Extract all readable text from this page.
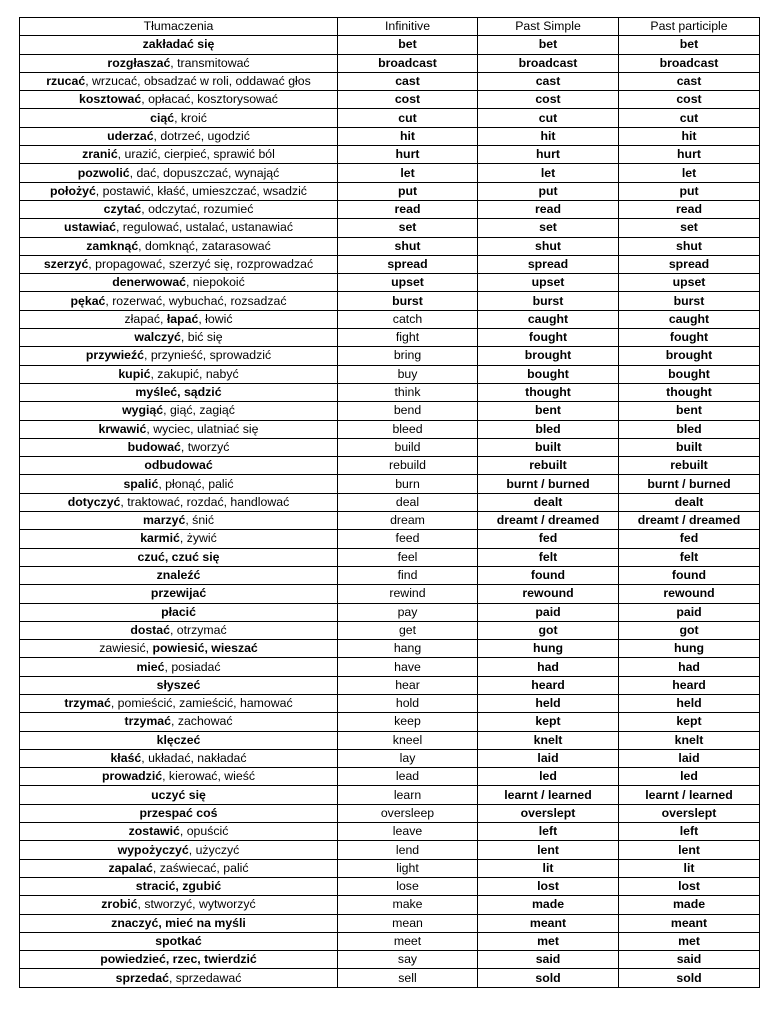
Tłumaczenia	Infinitive	Past Simple	Past participle
zakładać się	bet	bet	bet
rozgłaszać, transmitować	broadcast	broadcast	broadcast
rzucać, wrzucać, obsadzać w roli, oddawać głos	cast	cast	cast
kosztować, opłacać, kosztorysować	cost	cost	cost
ciąć, kroić	cut	cut	cut
uderzać, dotrzeć, ugodzić	hit	hit	hit
zranić, urazić, cierpieć, sprawić ból	hurt	hurt	hurt
pozwolić, dać, dopuszczać, wynająć	let	let	let
położyć, postawić, kłaść, umieszczać, wsadzić	put	put	put
czytać, odczytać, rozumieć	read	read	read
ustawiać, regulować, ustalać, ustanawiać	set	set	set
zamknąć, domknąć, zatarasować	shut	shut	shut
szerzyć, propagować, szerzyć się, rozprowadzać	spread	spread	spread
denerwować, niepokoić	upset	upset	upset
pękać, rozerwać, wybuchać, rozsadzać	burst	burst	burst
złapać, łapać, łowić	catch	caught	caught
walczyć, bić się	fight	fought	fought
przywieźć, przynieść, sprowadzić	bring	brought	brought
kupić, zakupić, nabyć	buy	bought	bought
myśleć, sądzić	think	thought	thought
wygiąć, giąć, zagiąć	bend	bent	bent
krwawić, wyciec, ulatniać się	bleed	bled	bled
budować, tworzyć	build	built	built
odbudować	rebuild	rebuilt	rebuilt
spalić, płonąć, palić	burn	burnt / burned	burnt / burned
dotyczyć, traktować, rozdać, handlować	deal	dealt	dealt
marzyć, śnić	dream	dreamt / dreamed	dreamt / dreamed
karmić, żywić	feed	fed	fed
czuć, czuć się	feel	felt	felt
znaleźć	find	found	found
przewijać	rewind	rewound	rewound
płacić	pay	paid	paid
dostać, otrzymać	get	got	got
zawiesić, powiesić, wieszać	hang	hung	hung
mieć, posiadać	have	had	had
słyszeć	hear	heard	heard
trzymać, pomieścić, zamieścić, hamować	hold	held	held
trzymać, zachować	keep	kept	kept
klęczeć	kneel	knelt	knelt
kłaść, układać, nakładać	lay	laid	laid
prowadzić, kierować, wieść	lead	led	led
uczyć się	learn	learnt / learned	learnt / learned
przespać coś	oversleep	overslept	overslept
zostawić, opuścić	leave	left	left
wypożyczyć, użyczyć	lend	lent	lent
zapalać, zaświecać, palić	light	lit	lit
stracić, zgubić	lose	lost	lost
zrobić, stworzyć, wytworzyć	make	made	made
znaczyć, mieć na myśli	mean	meant	meant
spotkać	meet	met	met
powiedzieć, rzec, twierdzić	say	said	said
sprzedać, sprzedawać	sell	sold	sold
